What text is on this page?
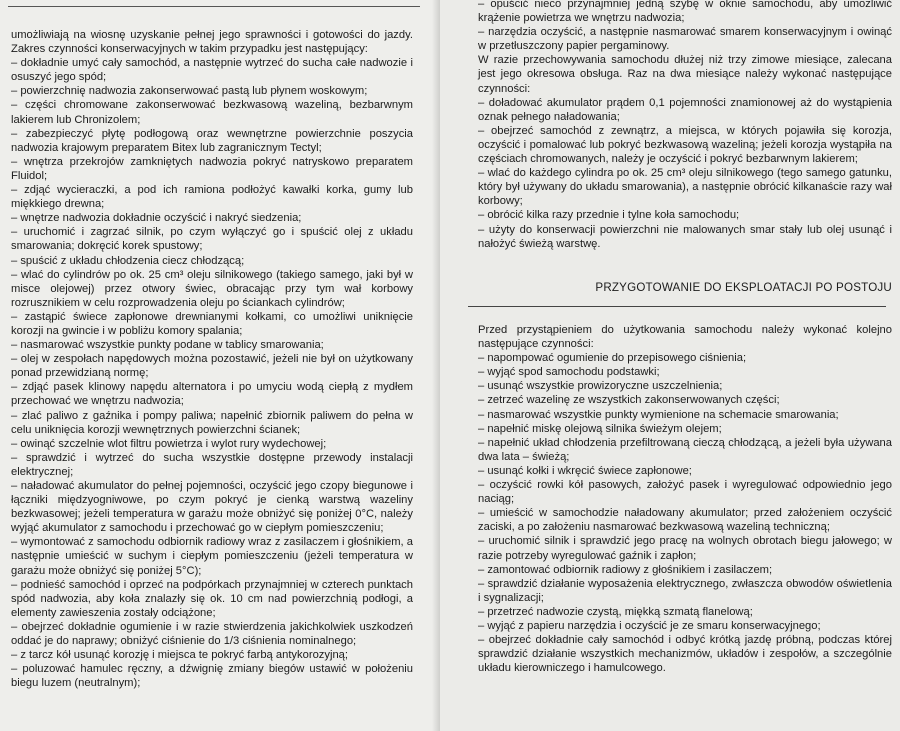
umożliwiają na wiosnę uzyskanie pełnej jego sprawności i gotowości do jazdy. Zakres czynności konserwacyjnych w takim przypadku jest następujący:

– dokładnie umyć cały samochód, a następnie wytrzeć do sucha całe nadwozie i osuszyć jego spód;

– powierzchnię nadwozia zakonserwować pastą lub płynem woskowym;

– części chromowane zakonserwować bezkwasową wazeliną, bezbarwnym lakierem lub Chronizolem;

– zabezpieczyć płytę podłogową oraz wewnętrzne powierzchnie poszycia nadwozia krajowym preparatem Bitex lub zagranicznym Tectyl;

– wnętrza przekrojów zamkniętych nadwozia pokryć natryskowo preparatem Fluidol;

– zdjąć wycieraczki, a pod ich ramiona podłożyć kawałki korka, gumy lub miękkiego drewna;

– wnętrze nadwozia dokładnie oczyścić i nakryć siedzenia;

– uruchomić i zagrzać silnik, po czym wyłączyć go i spuścić olej z układu smarowania; dokręcić korek spustowy;

– spuścić z układu chłodzenia ciecz chłodzącą;

– wlać do cylindrów po ok. 25 cm³ oleju silnikowego (takiego samego, jaki był w misce olejowej) przez otwory świec, obracając przy tym wał korbowy rozrusznikiem w celu rozprowadzenia oleju po ściankach cylindrów;

– zastąpić świece zapłonowe drewnianymi kołkami, co umożliwi uniknięcie korozji na gwincie i w pobliżu komory spalania;

– nasmarować wszystkie punkty podane w tablicy smarowania;

– olej w zespołach napędowych można pozostawić, jeżeli nie był on użytkowany ponad przewidzianą normę;

– zdjąć pasek klinowy napędu alternatora i po umyciu wodą ciepłą z mydłem przechować we wnętrzu nadwozia;

– zlać paliwo z gaźnika i pompy paliwa; napełnić zbiornik paliwem do pełna w celu uniknięcia korozji wewnętrznych powierzchni ścianek;

– owinąć szczelnie wlot filtru powietrza i wylot rury wydechowej;

– sprawdzić i wytrzeć do sucha wszystkie dostępne przewody instalacji elektrycznej;

– naładować akumulator do pełnej pojemności, oczyścić jego czopy biegunowe i łączniki międzyogniwowe, po czym pokryć je cienką warstwą wazeliny bezkwasowej; jeżeli temperatura w garażu może obniżyć się poniżej 0°C, należy wyjąć akumulator z samochodu i przechować go w ciepłym pomieszczeniu;

– wymontować z samochodu odbiornik radiowy wraz z zasilaczem i głośnikiem, a następnie umieścić w suchym i ciepłym pomieszczeniu (jeżeli temperatura w garażu może obniżyć się poniżej 5°C);

– podnieść samochód i oprzeć na podpórkach przynajmniej w czterech punktach spód nadwozia, aby koła znalazły się ok. 10 cm nad powierzchnią podłogi, a elementy zawieszenia zostały odciążone;

– obejrzeć dokładnie ogumienie i w razie stwierdzenia jakichkolwiek uszkodzeń oddać je do naprawy; obniżyć ciśnienie do 1/3 ciśnienia nominalnego;

– z tarcz kół usunąć korozję i miejsca te pokryć farbą antykorozyjną;

– poluzować hamulec ręczny, a dźwignię zmiany biegów ustawić w położeniu biegu luzem (neutralnym);

– opuścić nieco przynajmniej jedną szybę w oknie samochodu, aby umożliwić krążenie powietrza we wnętrzu nadwozia;

– narzędzia oczyścić, a następnie nasmarować smarem konserwacyjnym i owinąć w przetłuszczony papier pergaminowy.

W razie przechowywania samochodu dłużej niż trzy zimowe miesiące, zalecana jest jego okresowa obsługa. Raz na dwa miesiące należy wykonać następujące czynności:

– doładować akumulator prądem 0,1 pojemności znamionowej aż do wystąpienia oznak pełnego naładowania;

– obejrzeć samochód z zewnątrz, a miejsca, w których pojawiła się korozja, oczyścić i pomalować lub pokryć bezkwasową wazeliną; jeżeli korozja wystąpiła na częściach chromowanych, należy je oczyścić i pokryć bezbarwnym lakierem;

– wlać do każdego cylindra po ok. 25 cm³ oleju silnikowego (tego samego gatunku, który był używany do układu smarowania), a następnie obrócić kilkanaście razy wał korbowy;

– obrócić kilka razy przednie i tylne koła samochodu;

– użyty do konserwacji powierzchni nie malowanych smar stały lub olej usunąć i nałożyć świeżą warstwę.

PRZYGOTOWANIE DO EKSPLOATACJI PO POSTOJU

Przed przystąpieniem do użytkowania samochodu należy wykonać kolejno następujące czynności:

– napompować ogumienie do przepisowego ciśnienia;

– wyjąć spod samochodu podstawki;

– usunąć wszystkie prowizoryczne uszczelnienia;

– zetrzeć wazelinę ze wszystkich zakonserwowanych części;

– nasmarować wszystkie punkty wymienione na schemacie smarowania;

– napełnić miskę olejową silnika świeżym olejem;

– napełnić układ chłodzenia przefiltrowaną cieczą chłodzącą, a jeżeli była używana dwa lata – świeżą;

– usunąć kołki i wkręcić świece zapłonowe;

– oczyścić rowki kół pasowych, założyć pasek i wyregulować odpowiednio jego naciąg;

– umieścić w samochodzie naładowany akumulator; przed założeniem oczyścić zaciski, a po założeniu nasmarować bezkwasową wazeliną techniczną;

– uruchomić silnik i sprawdzić jego pracę na wolnych obrotach biegu jałowego; w razie potrzeby wyregulować gaźnik i zapłon;

– zamontować odbiornik radiowy z głośnikiem i zasilaczem;

– sprawdzić działanie wyposażenia elektrycznego, zwłaszcza obwodów oświetlenia i sygnalizacji;

– przetrzeć nadwozie czystą, miękką szmatą flanelową;

– wyjąć z papieru narzędzia i oczyścić je ze smaru konserwacyjnego;

– obejrzeć dokładnie cały samochód i odbyć krótką jazdę próbną, podczas której sprawdzić działanie wszystkich mechanizmów, układów i zespołów, a szczególnie układu kierowniczego i hamulcowego.
